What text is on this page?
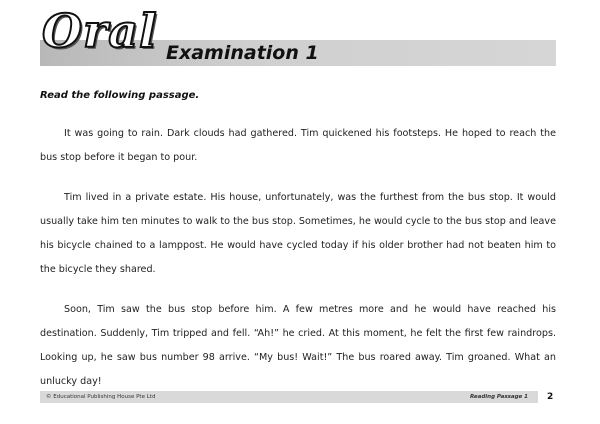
Oral Examination 1
Read the following passage.

It was going to rain. Dark clouds had gathered. Tim quickened his footsteps. He hoped to reach the bus stop before it began to pour.

Tim lived in a private estate. His house, unfortunately, was the furthest from the bus stop. It would usually take him ten minutes to walk to the bus stop. Sometimes, he would cycle to the bus stop and leave his bicycle chained to a lamppost. He would have cycled today if his older brother had not beaten him to the bicycle they shared.

Soon, Tim saw the bus stop before him. A few metres more and he would have reached his destination. Suddenly, Tim tripped and fell. “Ah!” he cried. At this moment, he felt the first few raindrops. Looking up, he saw bus number 98 arrive. “My bus! Wait!” The bus roared away. Tim groaned. What an unlucky day!

© Educational Publishing House Pte Ltd	Reading Passage 1 2
